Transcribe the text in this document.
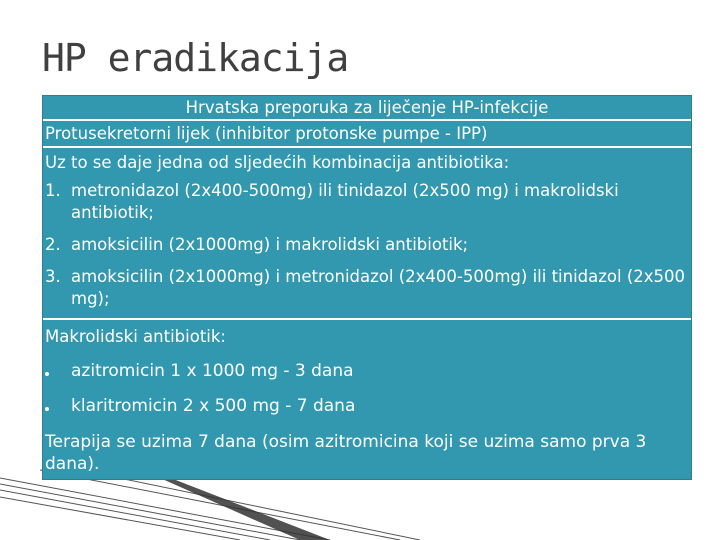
HP eradikacija
Hrvatska preporuka za liječenje HP-infekcije
Protusekretorni lijek (inhibitor protonske pumpe - IPP)
Uz to se daje jedna od sljedećih kombinacija antibiotika:
1. metronidazol (2x400-500mg) ili tinidazol (2x500 mg) i makrolidski antibiotik;
2. amoksicilin (2x1000mg) i makrolidski antibiotik;
3. amoksicilin (2x1000mg) i metronidazol (2x400-500mg) ili tinidazol (2x500 mg);
Makrolidski antibiotik:
azitromicin 1 x 1000 mg - 3 dana
klaritromicin 2 x 500 mg - 7 dana
Terapija se uzima 7 dana (osim azitromicina koji se uzima samo prva 3 dana).
